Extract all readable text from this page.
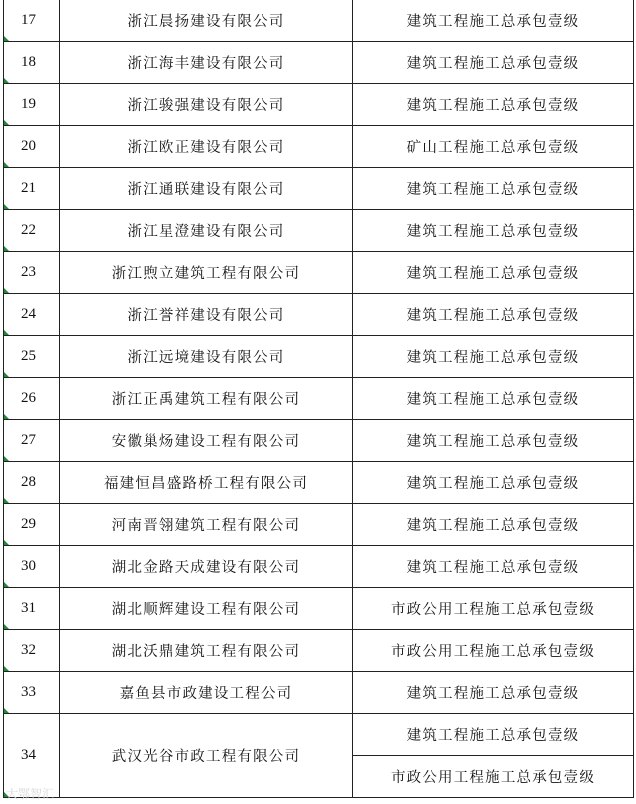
17	浙江晨扬建设有限公司	建筑工程施工总承包壹级
18	浙江海丰建设有限公司	建筑工程施工总承包壹级
19	浙江骏强建设有限公司	建筑工程施工总承包壹级
20	浙江欧正建设有限公司	矿山工程施工总承包壹级
21	浙江通联建设有限公司	建筑工程施工总承包壹级
22	浙江星澄建设有限公司	建筑工程施工总承包壹级
23	浙江煦立建筑工程有限公司	建筑工程施工总承包壹级
24	浙江誉祥建设有限公司	建筑工程施工总承包壹级
25	浙江远境建设有限公司	建筑工程施工总承包壹级
26	浙江正禹建筑工程有限公司	建筑工程施工总承包壹级
27	安徽巢炀建设工程有限公司	建筑工程施工总承包壹级
28	福建恒昌盛路桥工程有限公司	建筑工程施工总承包壹级
29	河南晋翎建筑工程有限公司	建筑工程施工总承包壹级
30	湖北金路天成建设有限公司	建筑工程施工总承包壹级
31	湖北顺辉建设工程有限公司	市政公用工程施工总承包壹级
32	湖北沃鼎建筑工程有限公司	市政公用工程施工总承包壹级
33	嘉鱼县市政建设工程公司	建筑工程施工总承包壹级
34	武汉光谷市政工程有限公司	建筑工程施工总承包壹级
		市政公用工程施工总承包壹级
大鄂智汇
